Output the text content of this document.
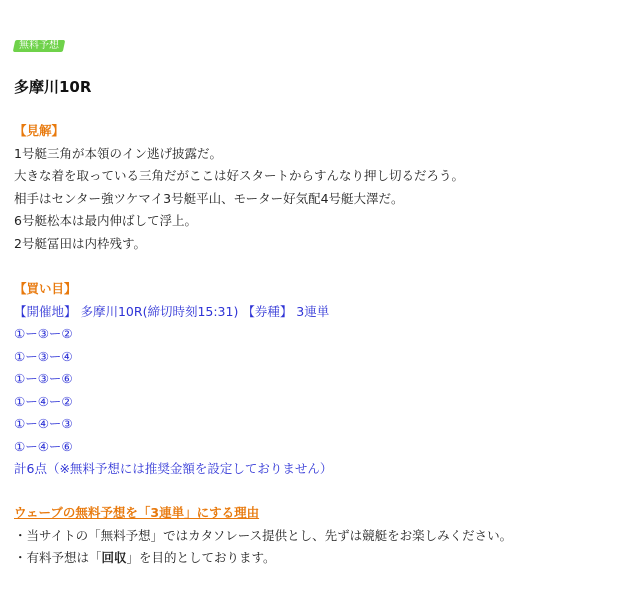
無料予想
多摩川10R
【見解】
1号艇三角が本領のイン逃げ披露だ。
大きな着を取っている三角だがここは好スタートからすんなり押し切るだろう。
相手はセンター強ツケマイ3号艇平山、モーター好気配4号艇大澤だ。
6号艇松本は最内伸ばして浮上。
2号艇冨田は内枠残す。
【買い目】
【開催地】 多摩川10R(締切時刻15:31) 【券種】 3連単
①ー③ー②
①ー③ー④
①ー③ー⑥
①ー④ー②
①ー④ー③
①ー④ー⑥
計6点（※無料予想には推奨金額を設定しておりません）
ウェーブの無料予想を「3連単」にする理由
・当サイトの「無料予想」ではカタソレース提供とし、先ずは競艇をお楽しみください。
・有料予想は「回収」を目的としております。
